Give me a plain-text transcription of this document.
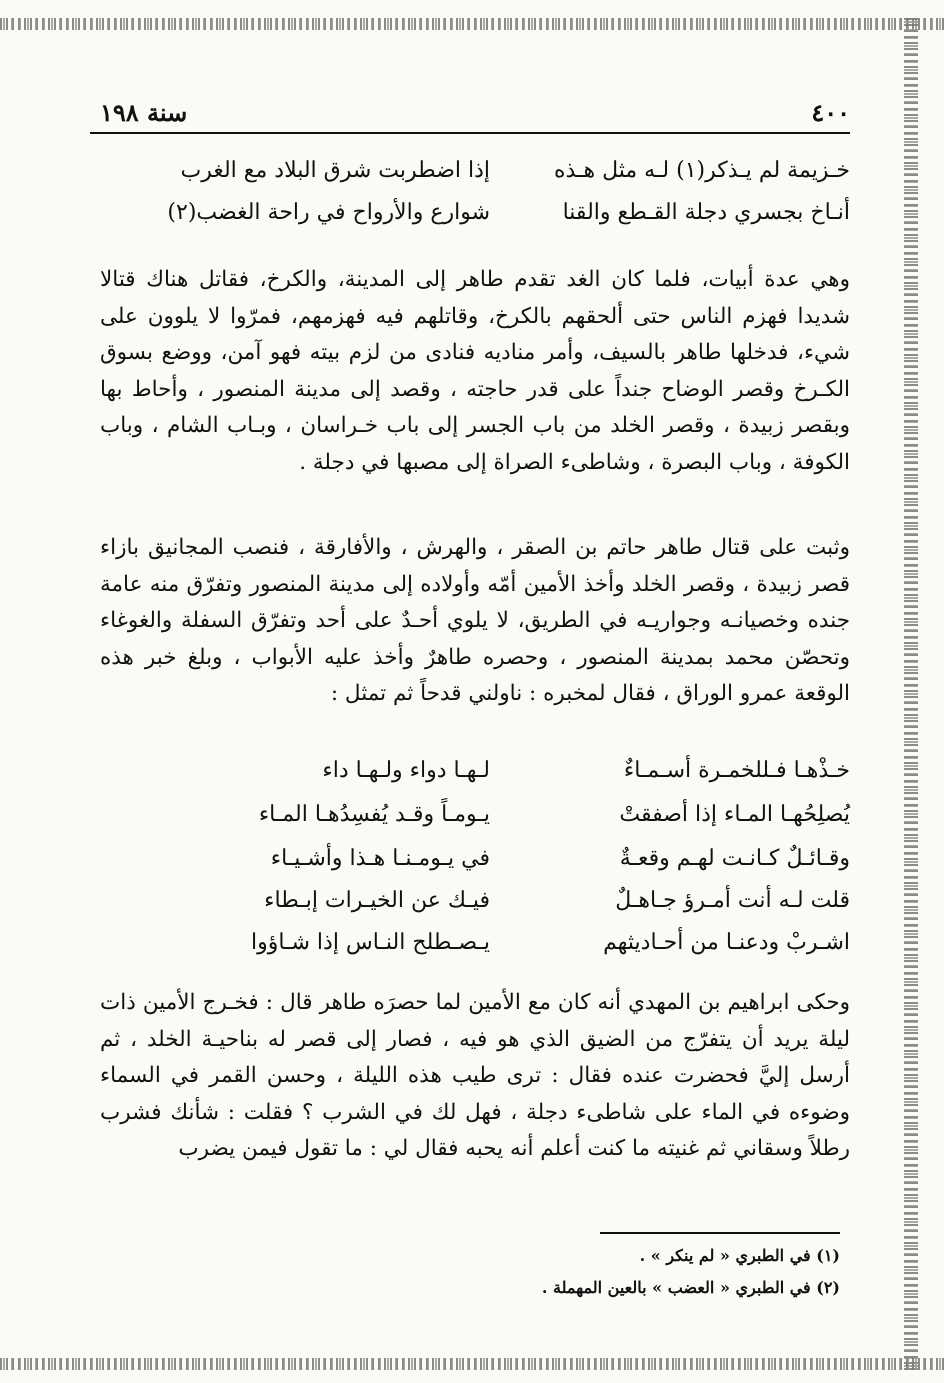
٤٠٠
سنة ١٩٨
خـزيمة لم يـذكر(١) لـه مثل هـذه
إذا اضطربت شرق البلاد مع الغرب
أنـاخ بجسري دجلة القـطع والقنا
شوارع والأرواح في راحة الغضب(٢)
وهي عدة أبيات، فلما كان الغد تقدم طاهر إلى المدينة، والكرخ، فقاتل هناك قتالا شديدا فهزم الناس حتى ألحقهم بالكرخ، وقاتلهم فيه فهزمهم، فمرّوا لا يلوون على شيء، فدخلها طاهر بالسيف، وأمر مناديه فنادى من لزم بيته فهو آمن، ووضع بسوق الكـرخ وقصر الوضاح جنداً على قدر حاجته ، وقصد إلى مدينة المنصور ، وأحاط بها وبقصر زبيدة ، وقصر الخلد من باب الجسر إلى باب خـراسان ، وبـاب الشام ، وباب الكوفة ، وباب البصرة ، وشاطىء الصراة إلى مصبها في دجلة .
وثبت على قتال طاهر حاتم بن الصقر ، والهرش ، والأفارقة ، فنصب المجانيق بازاء قصر زبيدة ، وقصر الخلد وأخذ الأمين أمّه وأولاده إلى مدينة المنصور وتفرّق منه عامة جنده وخصيانـه وجواريـه في الطريق، لا يلوي أحـدٌ على أحد وتفرّق السفلة والغوغاء وتحصّن محمد بمدينة المنصور ، وحصره طاهرٌ وأخذ عليه الأبواب ، وبلغ خبر هذه الوقعة عمرو الوراق ، فقال لمخبره : ناولني قدحاً ثم تمثل :
خـذْهـا فـللخمـرة أسـمـاءٌ
لـهـا دواء ولـهـا داء
يُصلِحُهـا المـاء إذا أصفقتْ
يـومـاً وقـد يُفسِدُهـا المـاء
وقـائـلٌ كـانـت لهـم وقعـةٌ
في يـومـنـا هـذا وأشـيـاء
قلت لـه أنت أمـرؤ جـاهـلٌ
فيـك عن الخيـرات إبـطاء
اشـربْ ودعنـا من أحـاديثهم
يـصـطلح النـاس إذا شـاؤوا
وحكى ابراهيم بن المهدي أنه كان مع الأمين لما حصرَه طاهر قال : فخـرج الأمين ذات ليلة يريد أن يتفرّج من الضيق الذي هو فيه ، فصار إلى قصر له بناحيـة الخلد ، ثم أرسل إليَّ فحضرت عنده فقال : ترى طيب هذه الليلة ، وحسن القمر في السماء وضوءه في الماء على شاطىء دجلة ، فهل لك في الشرب ؟ فقلت : شأنك فشرب رطلاً وسقاني ثم غنيته ما كنت أعلم أنه يحبه فقال لي : ما تقول فيمن يضرب
(١) في الطبري « لم ينكر » .
(٢) في الطبري « العضب » بالعين المهملة .
